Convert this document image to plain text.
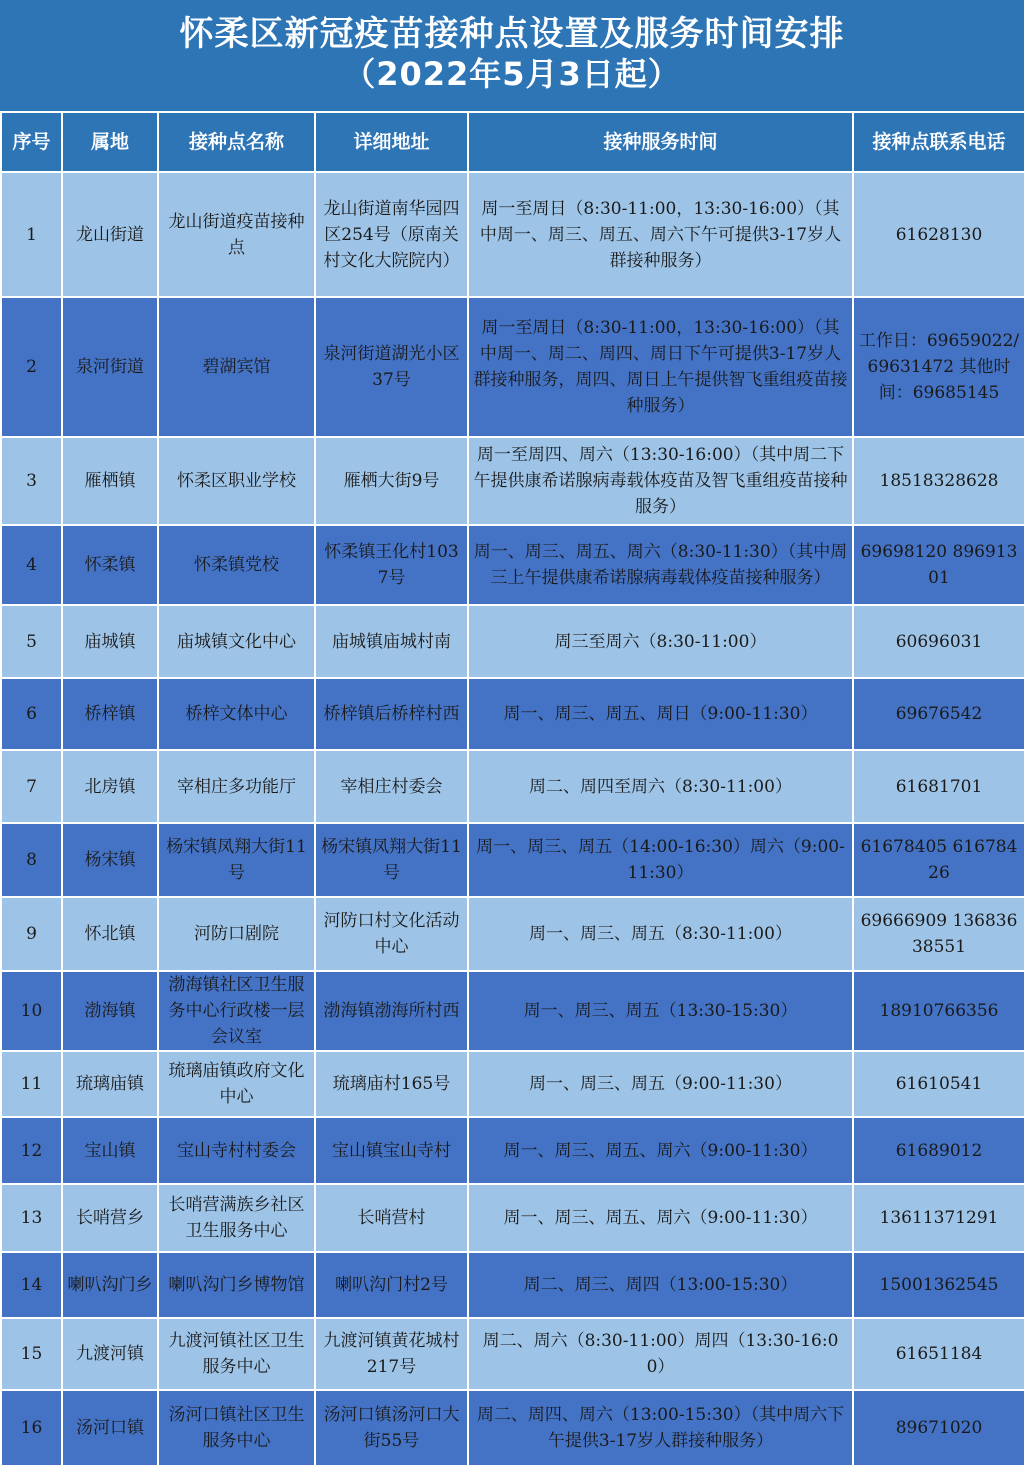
怀柔区新冠疫苗接种点设置及服务时间安排
（2022年5月3日起）
序号	属地	接种点名称	详细地址	接种服务时间	接种点联系电话
1	龙山街道	龙山街道疫苗接种点	龙山街道南华园四区254号（原南关村文化大院院内）	周一至周日（8:30-11:00，13:30-16:00）（其中周一、周三、周五、周六下午可提供3-17岁人群接种服务）	61628130
2	泉河街道	碧湖宾馆	泉河街道湖光小区37号	周一至周日（8:30-11:00，13:30-16:00）（其中周一、周二、周四、周日下午可提供3-17岁人群接种服务，周四、周日上午提供智飞重组疫苗接种服务）	工作日：69659022/69631472 其他时间：69685145
3	雁栖镇	怀柔区职业学校	雁栖大街9号	周一至周四、周六（13:30-16:00）（其中周二下午提供康希诺腺病毒载体疫苗及智飞重组疫苗接种服务）	18518328628
4	怀柔镇	怀柔镇党校	怀柔镇王化村1037号	周一、周三、周五、周六（8:30-11:30）（其中周三上午提供康希诺腺病毒载体疫苗接种服务）	69698120 89691301
5	庙城镇	庙城镇文化中心	庙城镇庙城村南	周三至周六（8:30-11:00）	60696031
6	桥梓镇	桥梓文体中心	桥梓镇后桥梓村西	周一、周三、周五、周日（9:00-11:30）	69676542
7	北房镇	宰相庄多功能厅	宰相庄村委会	周二、周四至周六（8:30-11:00）	61681701
8	杨宋镇	杨宋镇凤翔大街11号	杨宋镇凤翔大街11号	周一、周三、周五（14:00-16:30）周六（9:00-11:30）	61678405 61678426
9	怀北镇	河防口剧院	河防口村文化活动中心	周一、周三、周五（8:30-11:00）	69666909 13683638551
10	渤海镇	渤海镇社区卫生服务中心行政楼一层会议室	渤海镇渤海所村西	周一、周三、周五（13:30-15:30）	18910766356
11	琉璃庙镇	琉璃庙镇政府文化中心	琉璃庙村165号	周一、周三、周五（9:00-11:30）	61610541
12	宝山镇	宝山寺村村委会	宝山镇宝山寺村	周一、周三、周五、周六（9:00-11:30）	61689012
13	长哨营乡	长哨营满族乡社区卫生服务中心	长哨营村	周一、周三、周五、周六（9:00-11:30）	13611371291
14	喇叭沟门乡	喇叭沟门乡博物馆	喇叭沟门村2号	周二、周三、周四（13:00-15:30）	15001362545
15	九渡河镇	九渡河镇社区卫生服务中心	九渡河镇黄花城村217号	周二、周六（8:30-11:00）周四（13:30-16:00）	61651184
16	汤河口镇	汤河口镇社区卫生服务中心	汤河口镇汤河口大街55号	周二、周四、周六（13:00-15:30）（其中周六下午提供3-17岁人群接种服务）	89671020
